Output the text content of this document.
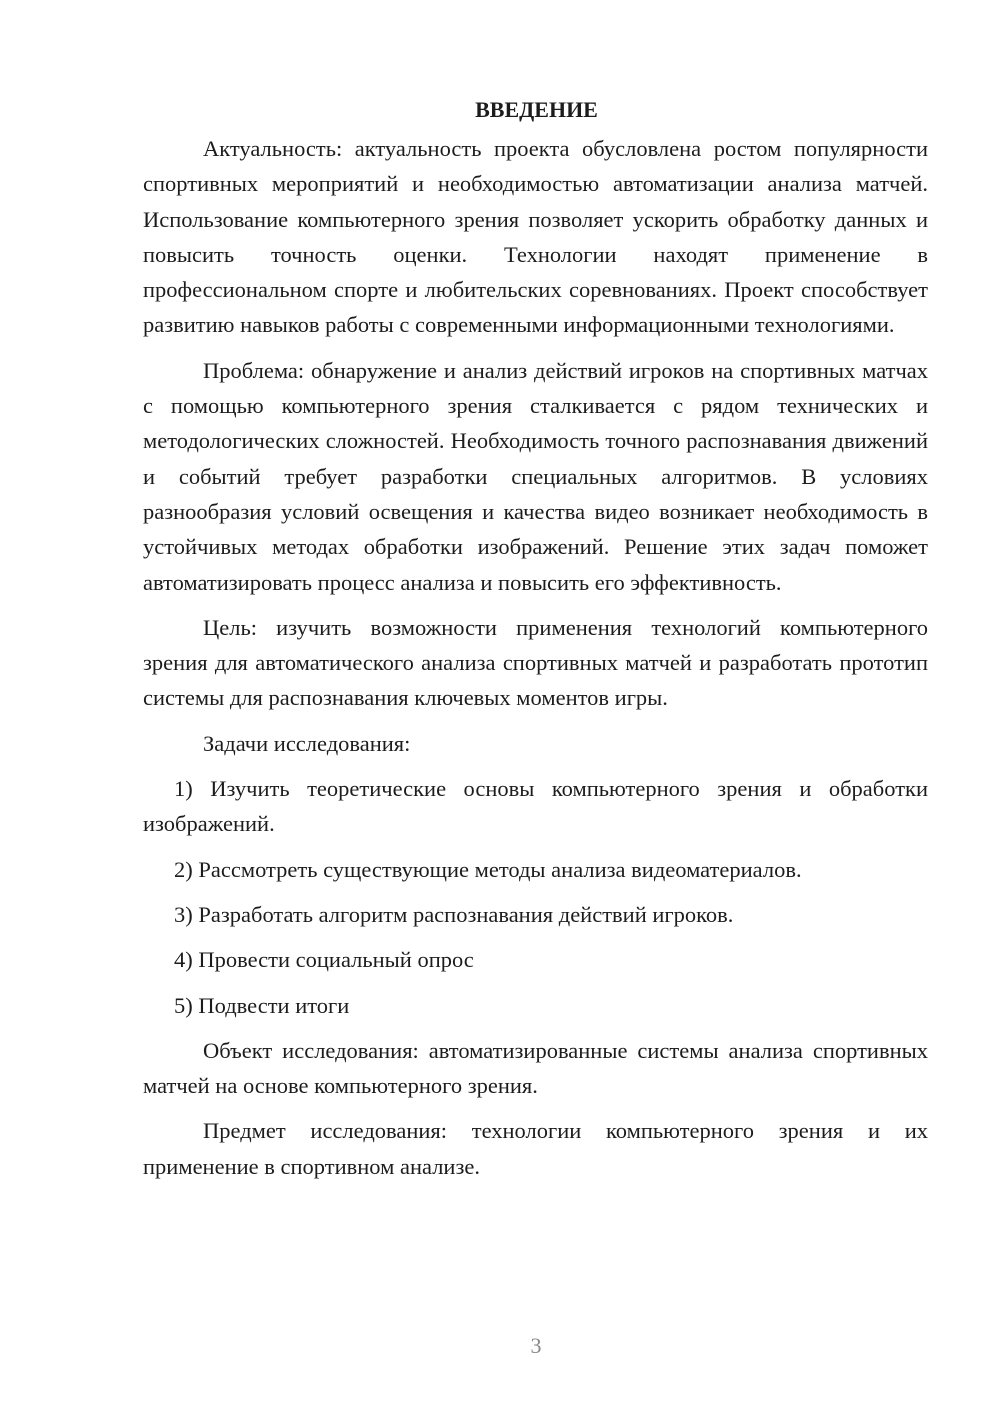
ВВЕДЕНИЕ

Актуальность: актуальность проекта обусловлена ростом популярности спортивных мероприятий и необходимостью автоматизации анализа матчей. Использование компьютерного зрения позволяет ускорить обработку данных и повысить точность оценки. Технологии находят применение в профессиональном спорте и любительских соревнованиях. Проект способствует развитию навыков работы с современными информационными технологиями.

Проблема: обнаружение и анализ действий игроков на спортивных матчах с помощью компьютерного зрения сталкивается с рядом технических и методологических сложностей. Необходимость точного распознавания движений и событий требует разработки специальных алгоритмов. В условиях разнообразия условий освещения и качества видео возникает необходимость в устойчивых методах обработки изображений. Решение этих задач поможет автоматизировать процесс анализа и повысить его эффективность.

Цель: изучить возможности применения технологий компьютерного зрения для автоматического анализа спортивных матчей и разработать прототип системы для распознавания ключевых моментов игры.

Задачи исследования:

1) Изучить теоретические основы компьютерного зрения и обработки изображений.

2) Рассмотреть существующие методы анализа видеоматериалов.

3) Разработать алгоритм распознавания действий игроков.

4) Провести социальный опрос

5) Подвести итоги

Объект исследования: автоматизированные системы анализа спортивных матчей на основе компьютерного зрения.

Предмет исследования: технологии компьютерного зрения и их применение в спортивном анализе.

3
